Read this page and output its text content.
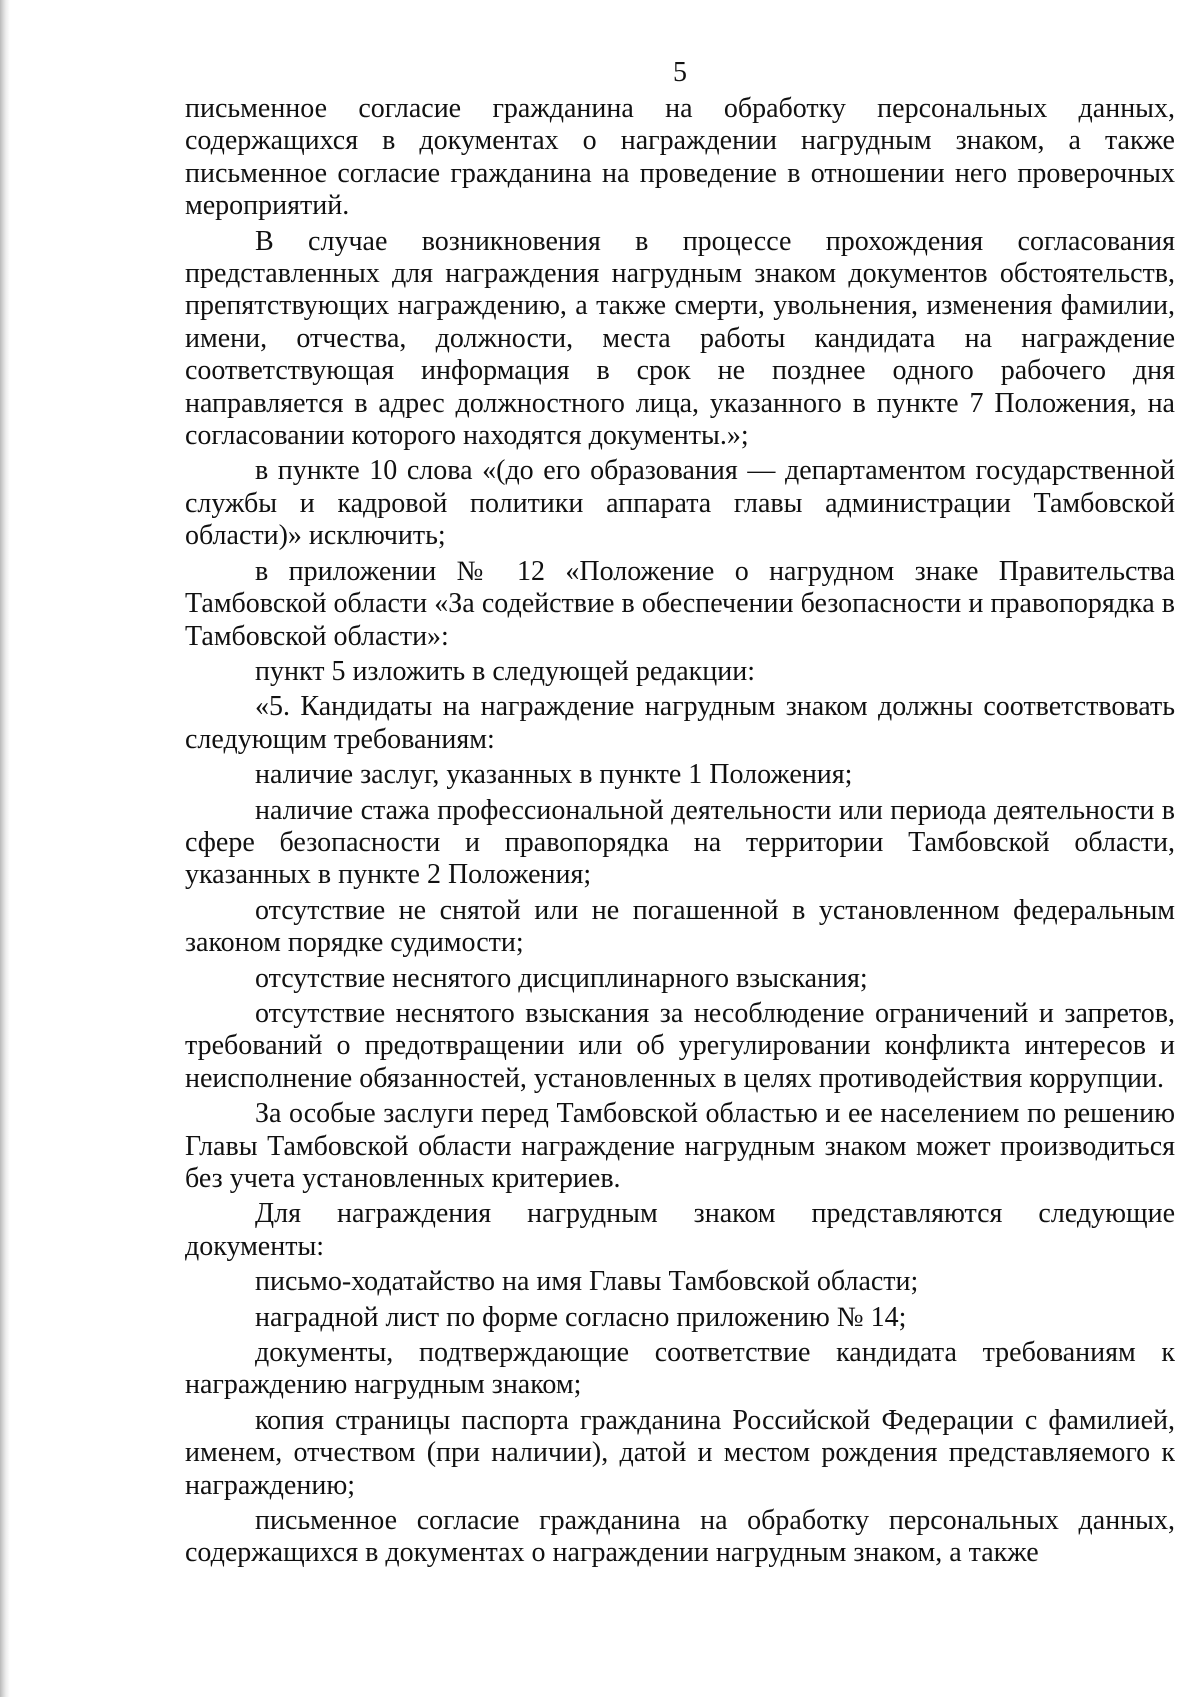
5

письменное согласие гражданина на обработку персональных данных, содержащихся в документах о награждении нагрудным знаком, а также письменное согласие гражданина на проведение в отношении него проверочных мероприятий.

В случае возникновения в процессе прохождения согласования представленных для награждения нагрудным знаком документов обстоятельств, препятствующих награждению, а также смерти, увольнения, изменения фамилии, имени, отчества, должности, места работы кандидата на награждение соответствующая информация в срок не позднее одного рабочего дня направляется в адрес должностного лица, указанного в пункте 7 Положения, на согласовании которого находятся документы.»;

в пункте 10 слова «(до его образования — департаментом государственной службы и кадровой политики аппарата главы администрации Тамбовской области)» исключить;

в приложении № 12 «Положение о нагрудном знаке Правительства Тамбовской области «За содействие в обеспечении безопасности и правопорядка в Тамбовской области»:

пункт 5 изложить в следующей редакции:

«5. Кандидаты на награждение нагрудным знаком должны соответствовать следующим требованиям:

наличие заслуг, указанных в пункте 1 Положения;

наличие стажа профессиональной деятельности или периода деятельности в сфере безопасности и правопорядка на территории Тамбовской области, указанных в пункте 2 Положения;

отсутствие не снятой или не погашенной в установленном федеральным законом порядке судимости;

отсутствие неснятого дисциплинарного взыскания;

отсутствие неснятого взыскания за несоблюдение ограничений и запретов, требований о предотвращении или об урегулировании конфликта интересов и неисполнение обязанностей, установленных в целях противодействия коррупции.

За особые заслуги перед Тамбовской областью и ее населением по решению Главы Тамбовской области награждение нагрудным знаком может производиться без учета установленных критериев.

Для награждения нагрудным знаком представляются следующие документы:

письмо-ходатайство на имя Главы Тамбовской области;

наградной лист по форме согласно приложению № 14;

документы, подтверждающие соответствие кандидата требованиям к награждению нагрудным знаком;

копия страницы паспорта гражданина Российской Федерации с фамилией, именем, отчеством (при наличии), датой и местом рождения представляемого к награждению;

письменное согласие гражданина на обработку персональных данных, содержащихся в документах о награждении нагрудным знаком, а также
